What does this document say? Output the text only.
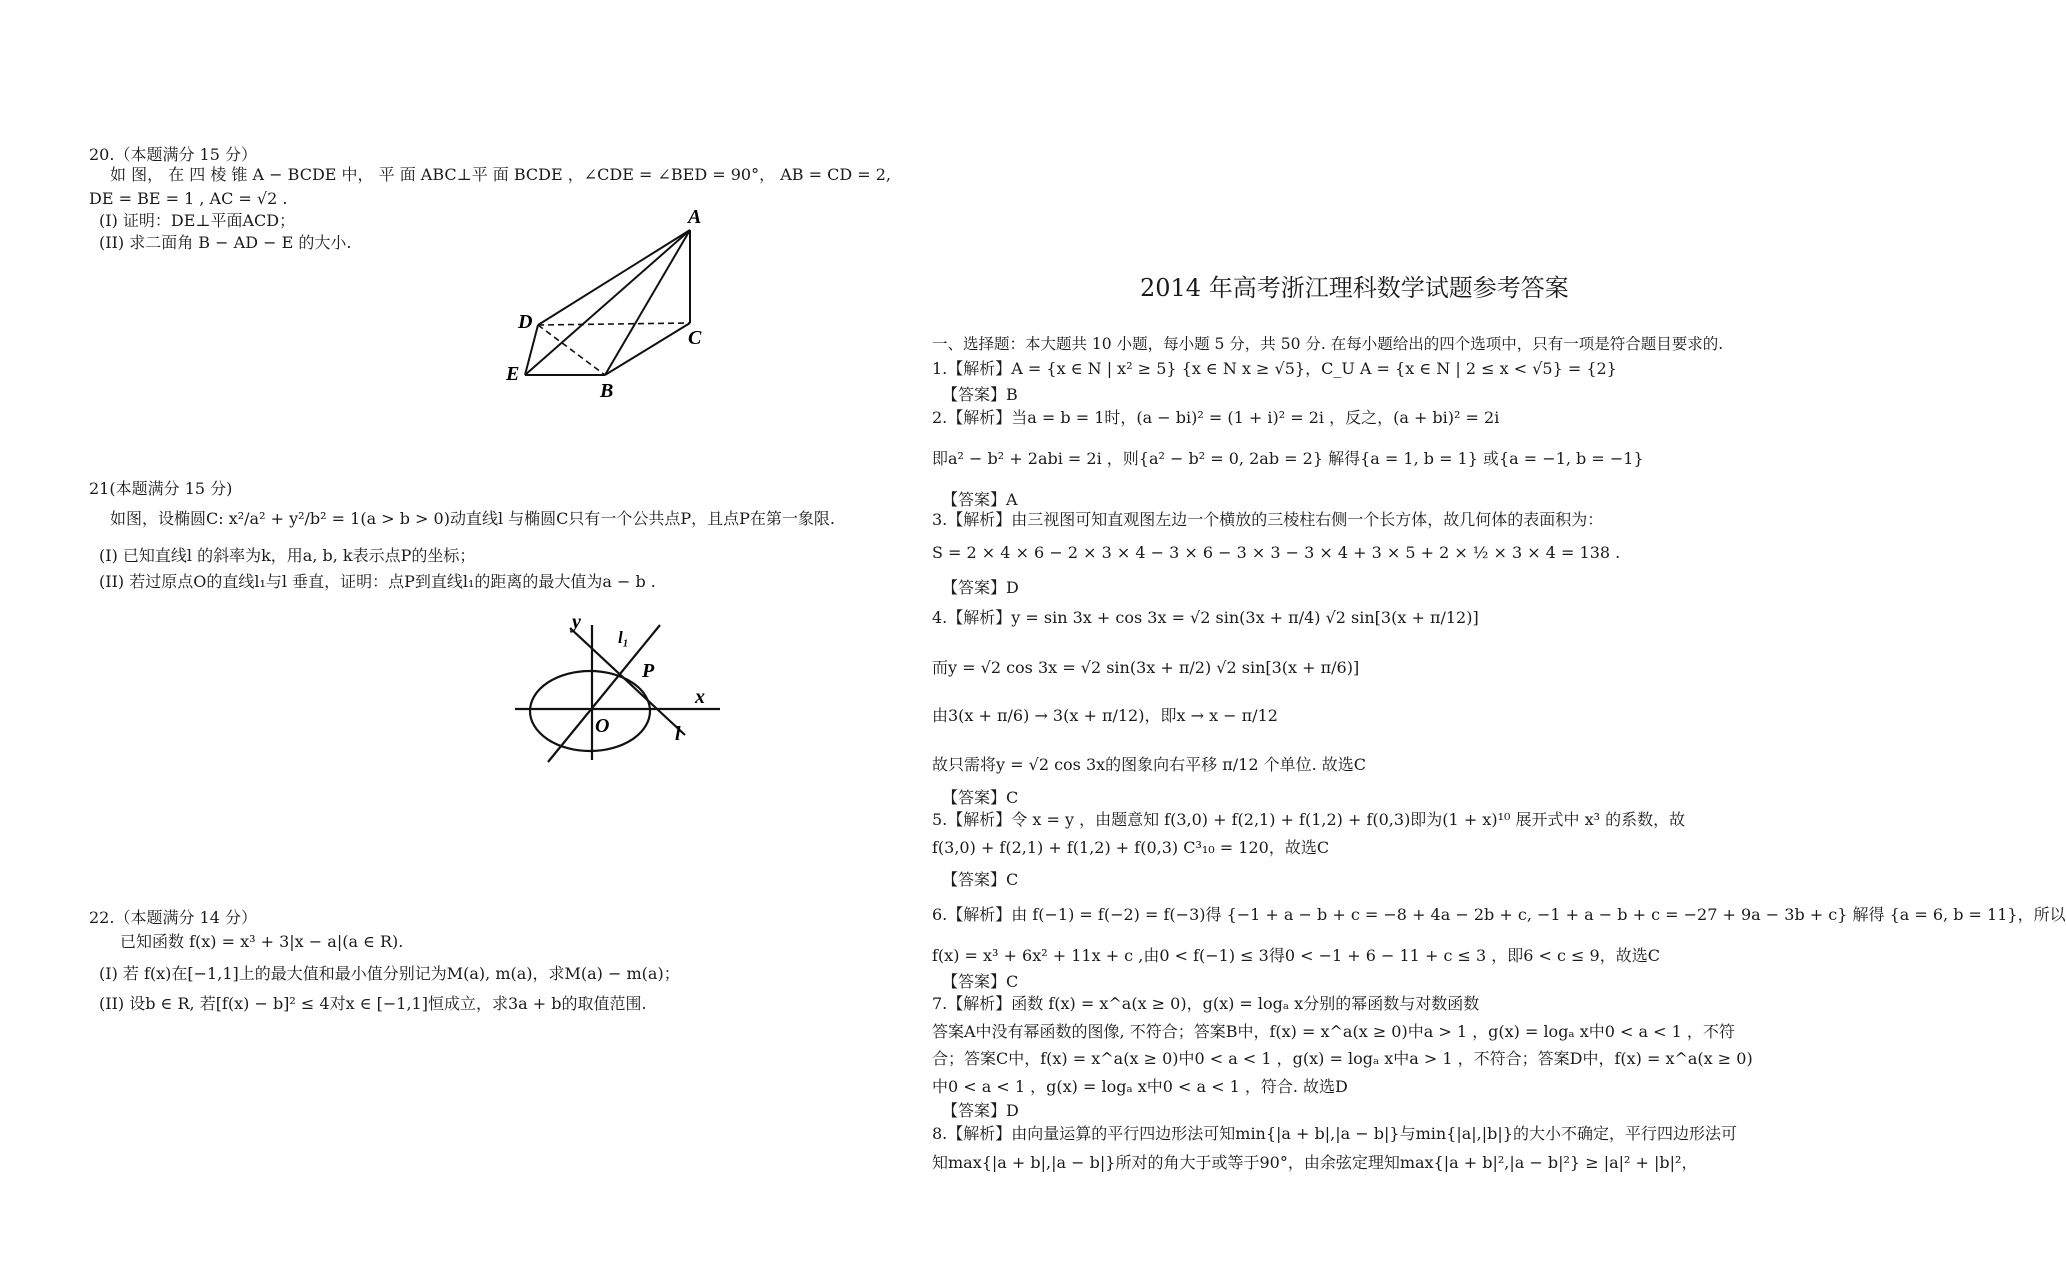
20.（本题满分 15 分）
如 图， 在 四 棱 锥 A − BCDE 中， 平 面 ABC⊥平 面 BCDE ，∠CDE = ∠BED = 90°， AB = CD = 2,
DE = BE = 1 , AC = √2 .
(I) 证明：DE⊥平面ACD；
(II) 求二面角 B − AD − E 的大小.
A
D
C
E
B
21(本题满分 15 分)
如图，设椭圆C: x²/a² + y²/b² = 1(a > b > 0)动直线l 与椭圆C只有一个公共点P，且点P在第一象限.
(I) 已知直线l 的斜率为k，用a, b, k表示点P的坐标；
(II) 若过原点O的直线l₁与l 垂直，证明：点P到直线l₁的距离的最大值为a − b .
y
l₁
P
x
O	l
22.（本题满分 14 分）
已知函数 f(x) = x³ + 3|x − a|(a ∈ R).
(I) 若 f(x)在[−1,1]上的最大值和最小值分别记为M(a), m(a)，求M(a) − m(a)；
(II) 设b ∈ R, 若[f(x) − b]² ≤ 4对x ∈ [−1,1]恒成立，求3a + b的取值范围.
2014 年高考浙江理科数学试题参考答案
一、选择题：本大题共 10 小题，每小题 5 分，共 50 分. 在每小题给出的四个选项中，只有一项是符合题目要求的.
1.【解析】A = {x ∈ N | x² ≥ 5} {x ∈ N x ≥ √5}，C_U A = {x ∈ N | 2 ≤ x < √5} = {2}
【答案】B
2.【解析】当a = b = 1时，(a − bi)² = (1 + i)² = 2i ，反之，(a + bi)² = 2i
即a² − b² + 2abi = 2i ，则{a² − b² = 0, 2ab = 2} 解得{a = 1, b = 1} 或{a = −1, b = −1}
【答案】A
3.【解析】由三视图可知直观图左边一个横放的三棱柱右侧一个长方体，故几何体的表面积为：
S = 2 × 4 × 6 − 2 × 3 × 4 − 3 × 6 − 3 × 3 − 3 × 4 + 3 × 5 + 2 × ½ × 3 × 4 = 138 .
【答案】D
4.【解析】y = sin 3x + cos 3x = √2 sin(3x + π/4) √2 sin[3(x + π/12)]
而y = √2 cos 3x = √2 sin(3x + π/2) √2 sin[3(x + π/6)]
由3(x + π/6) → 3(x + π/12)，即x → x − π/12
故只需将y = √2 cos 3x的图象向右平移 π/12 个单位. 故选C
【答案】C
5.【解析】令 x = y ，由题意知 f(3,0) + f(2,1) + f(1,2) + f(0,3)即为(1 + x)¹⁰ 展开式中 x³ 的系数，故
f(3,0) + f(2,1) + f(1,2) + f(0,3) C³₁₀ = 120，故选C
【答案】C
6.【解析】由 f(−1) = f(−2) = f(−3)得 {−1 + a − b + c = −8 + 4a − 2b + c, −1 + a − b + c = −27 + 9a − 3b + c} 解得 {a = 6, b = 11}，所以
f(x) = x³ + 6x² + 11x + c ,由0 < f(−1) ≤ 3得0 < −1 + 6 − 11 + c ≤ 3 ，即6 < c ≤ 9，故选C
【答案】C
7.【解析】函数 f(x) = x^a(x ≥ 0)，g(x) = logₐ x分别的幂函数与对数函数
答案A中没有幂函数的图像, 不符合；答案B中，f(x) = x^a(x ≥ 0)中a > 1 ，g(x) = logₐ x中0 < a < 1 ，不符
合；答案C中，f(x) = x^a(x ≥ 0)中0 < a < 1 ，g(x) = logₐ x中a > 1 ，不符合；答案D中，f(x) = x^a(x ≥ 0)
中0 < a < 1 ，g(x) = logₐ x中0 < a < 1 ，符合. 故选D
【答案】D
8.【解析】由向量运算的平行四边形法可知min{|a + b|,|a − b|}与min{|a|,|b|}的大小不确定，平行四边形法可
知max{|a + b|,|a − b|}所对的角大于或等于90°，由余弦定理知max{|a + b|²,|a − b|²} ≥ |a|² + |b|²，
